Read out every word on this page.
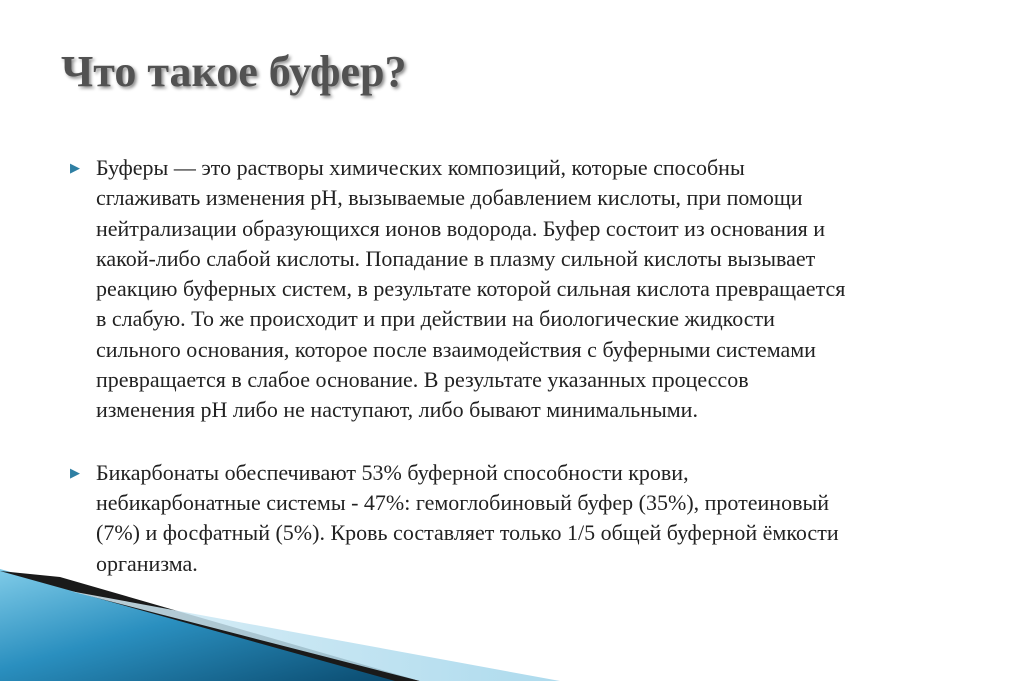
Что такое буфер?
▶ Буферы — это растворы химических композиций, которые способны
сглаживать изменения pH, вызываемые добавлением кислоты, при помощи
нейтрализации образующихся ионов водорода. Буфер состоит из основания и
какой-либо слабой кислоты. Попадание в плазму сильной кислоты вызывает
реакцию буферных систем, в результате которой сильная кислота превращается
в слабую. То же происходит и при действии на биологические жидкости
сильного основания, которое после взаимодействия с буферными системами
превращается в слабое основание. В результате указанных процессов
изменения pH либо не наступают, либо бывают минимальными.
▶ Бикарбонаты обеспечивают 53% буферной способности крови,
небикарбонатные системы - 47%: гемоглобиновый буфер (35%), протеиновый
(7%) и фосфатный (5%). Кровь составляет только 1/5 общей буферной ёмкости
организма.
